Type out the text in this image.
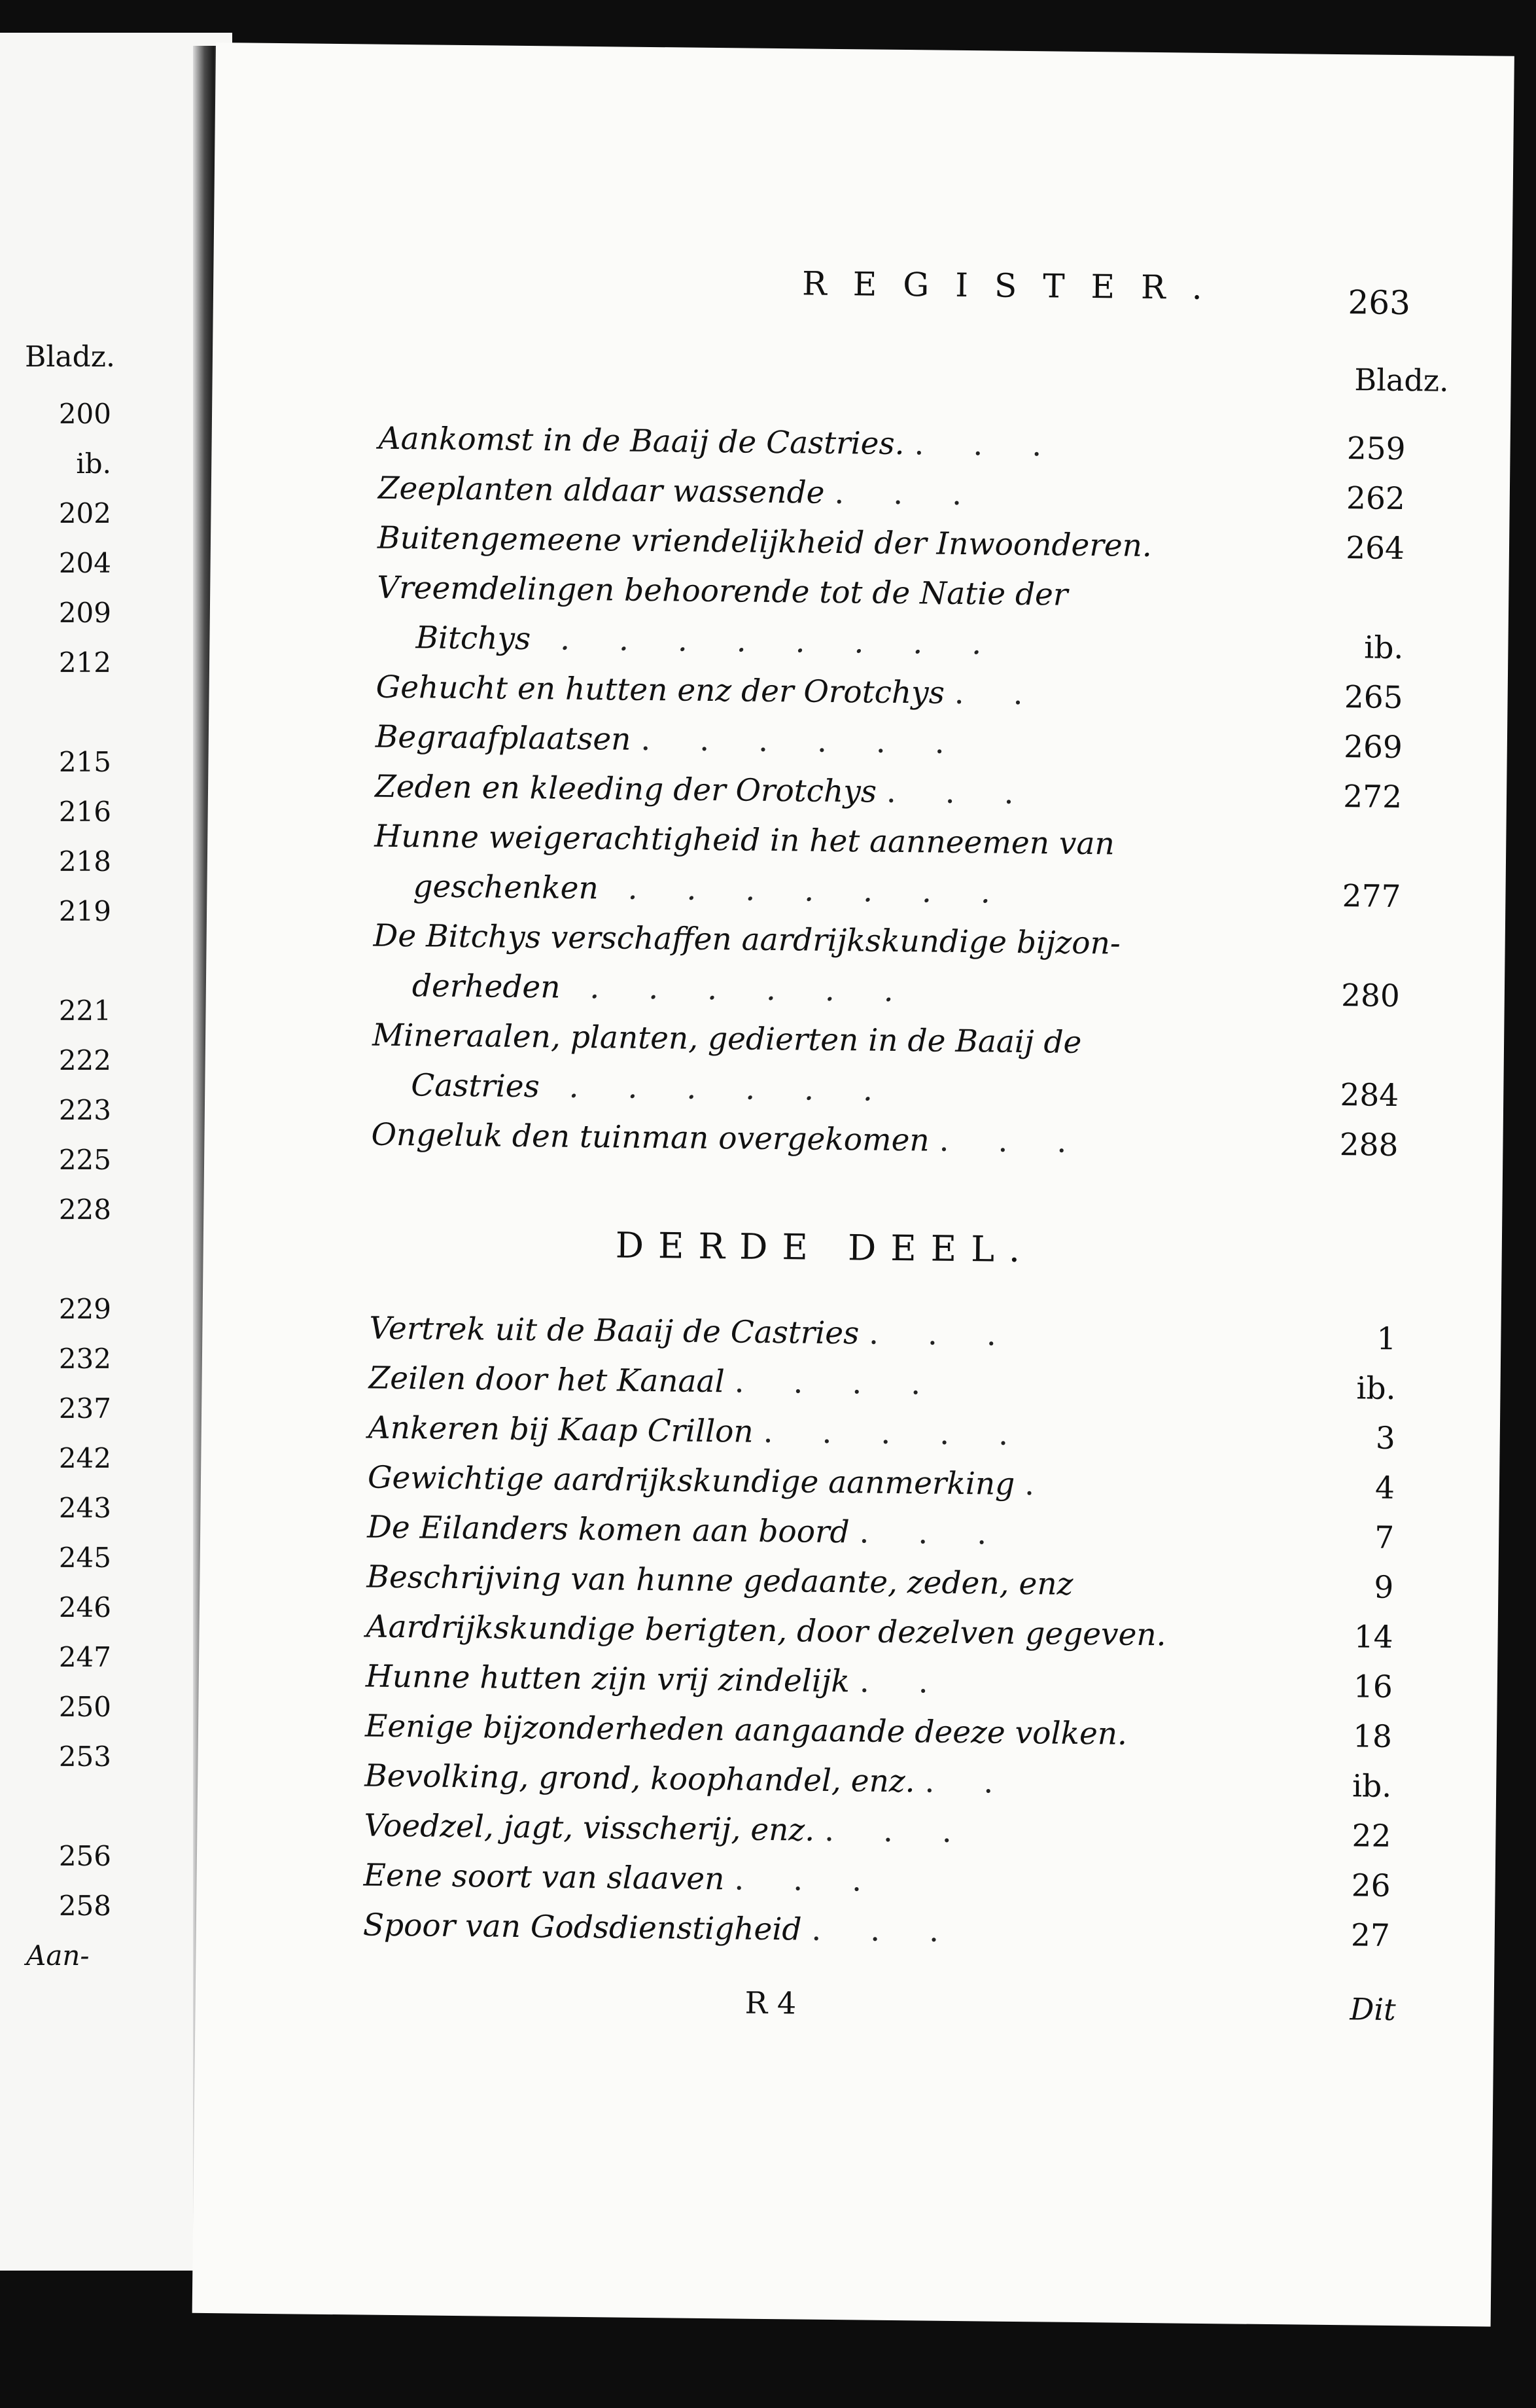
Bladz.
200
ib.
202
204
209
212
215
216
218
219
221
222
223
225
228
229
232
237
242
243
245
246
247
250
253
256
258
Aan-
REGISTER.	263
Bladz.
Aankomst in de Baaij de Castries. . . .	259
Zeeplanten aldaar wassende . . .	262
Buitengemeene vriendelijkheid der Inwoonderen.	264
Vreemdelingen behoorende tot de Natie der
Bitchys . . . . . . . .	ib.
Gehucht en hutten enz der Orotchys . .	265
Begraafplaatsen . . . . . .	269
Zeden en kleeding der Orotchys . . .	272
Hunne weigerachtigheid in het aanneemen van
geschenken . . . . . . .	277
De Bitchys verschaffen aardrijkskundige bijzon-
derheden . . . . . .	280
Mineraalen, planten, gedierten in de Baaij de
Castries . . . . . .	284
Ongeluk den tuinman overgekomen . . .	288
DERDE DEEL.
Vertrek uit de Baaij de Castries . . .	1
Zeilen door het Kanaal . . . .	ib.
Ankeren bij Kaap Crillon . . . . .	3
Gewichtige aardrijkskundige aanmerking .	4
De Eilanders komen aan boord . . .	7
Beschrijving van hunne gedaante, zeden, enz	9
Aardrijkskundige berigten, door dezelven gegeven.	14
Hunne hutten zijn vrij zindelijk . .	16
Eenige bijzonderheden aangaande deeze volken.	18
Bevolking, grond, koophandel, enz. . .	ib.
Voedzel, jagt, visscherij, enz. . . .	22
Eene soort van slaaven . . .	26
Spoor van Godsdienstigheid . . .	27
R 4	Dit
